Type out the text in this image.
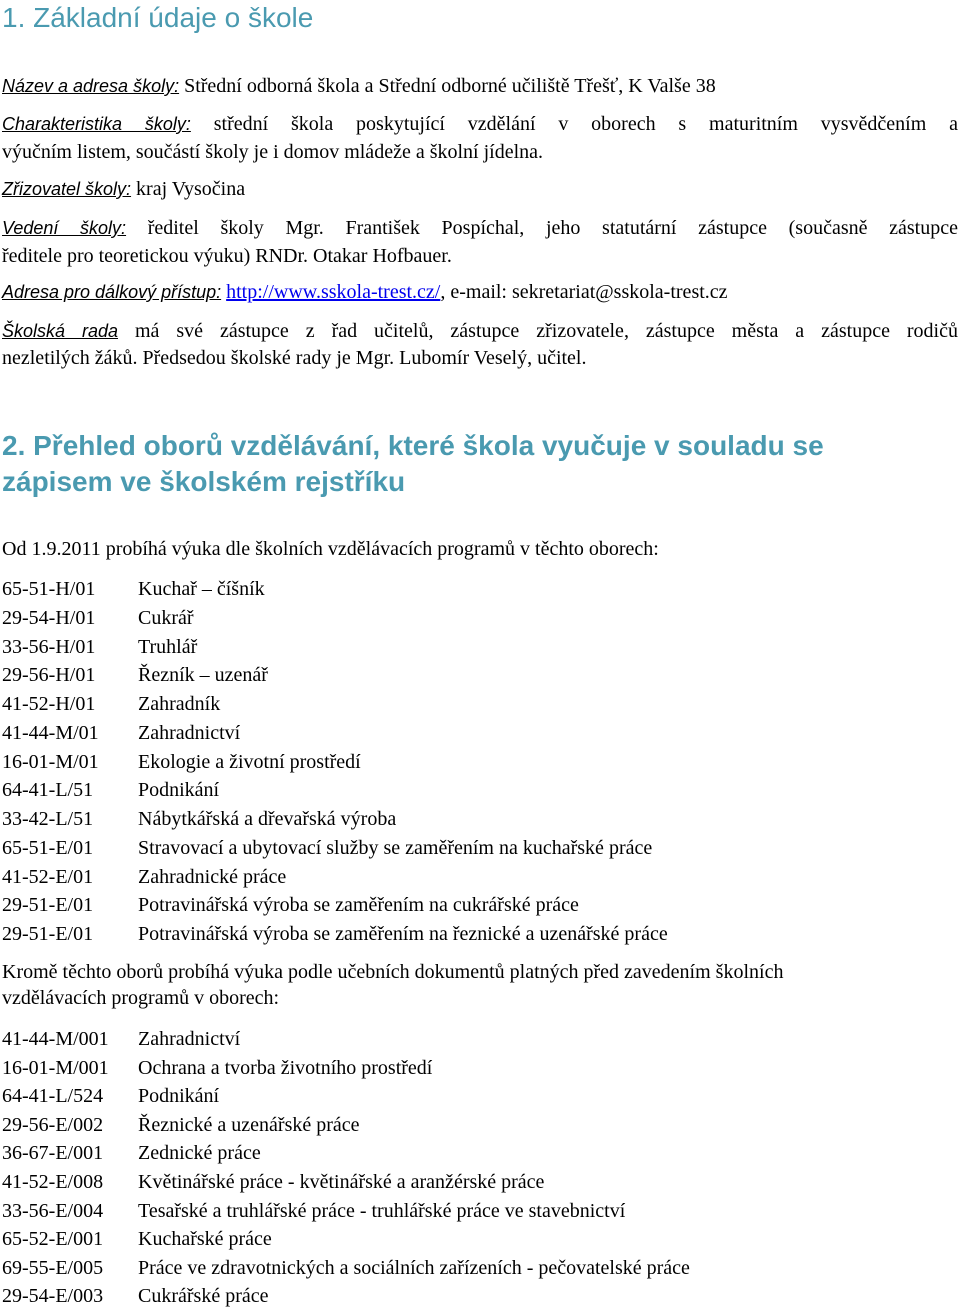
1. Základní údaje o škole
Název a adresa školy: Střední odborná škola a Střední odborné učiliště Třešť, K Valše 38
Charakteristika školy: střední škola poskytující vzdělání v oborech s maturitním vysvědčením a
výučním listem, součástí školy je i domov mládeže a školní jídelna.
Zřizovatel školy: kraj Vysočina
Vedení školy: ředitel školy Mgr. František Pospíchal, jeho statutární zástupce (současně zástupce
ředitele pro teoretickou výuku) RNDr. Otakar Hofbauer.
Adresa pro dálkový přístup: http://www.sskola-trest.cz/, e-mail: sekretariat@sskola-trest.cz
Školská rada má své zástupce z řad učitelů, zástupce zřizovatele, zástupce města a zástupce rodičů
nezletilých žáků. Předsedou školské rady je Mgr. Lubomír Veselý, učitel.
2. Přehled oborů vzdělávání, které škola vyučuje v souladu se
zápisem ve školském rejstříku
Od 1.9.2011 probíhá výuka dle školních vzdělávacích programů v těchto oborech:
65-51-H/01 Kuchař – číšník
29-54-H/01 Cukrář
33-56-H/01 Truhlář
29-56-H/01 Řezník – uzenář
41-52-H/01 Zahradník
41-44-M/01 Zahradnictví
16-01-M/01 Ekologie a životní prostředí
64-41-L/51 Podnikání
33-42-L/51 Nábytkářská a dřevařská výroba
65-51-E/01 Stravovací a ubytovací služby se zaměřením na kuchařské práce
41-52-E/01 Zahradnické práce
29-51-E/01 Potravinářská výroba se zaměřením na cukrářské práce
29-51-E/01 Potravinářská výroba se zaměřením na řeznické a uzenářské práce
Kromě těchto oborů probíhá výuka podle učebních dokumentů platných před zavedením školních
vzdělávacích programů v oborech:
41-44-M/001 Zahradnictví
16-01-M/001 Ochrana a tvorba životního prostředí
64-41-L/524 Podnikání
29-56-E/002 Řeznické a uzenářské práce
36-67-E/001 Zednické práce
41-52-E/008 Květinářské práce - květinářské a aranžérské práce
33-56-E/004 Tesařské a truhlářské práce - truhlářské práce ve stavebnictví
65-52-E/001 Kuchařské práce
69-55-E/005 Práce ve zdravotnických a sociálních zařízeních - pečovatelské práce
29-54-E/003 Cukrářské práce
